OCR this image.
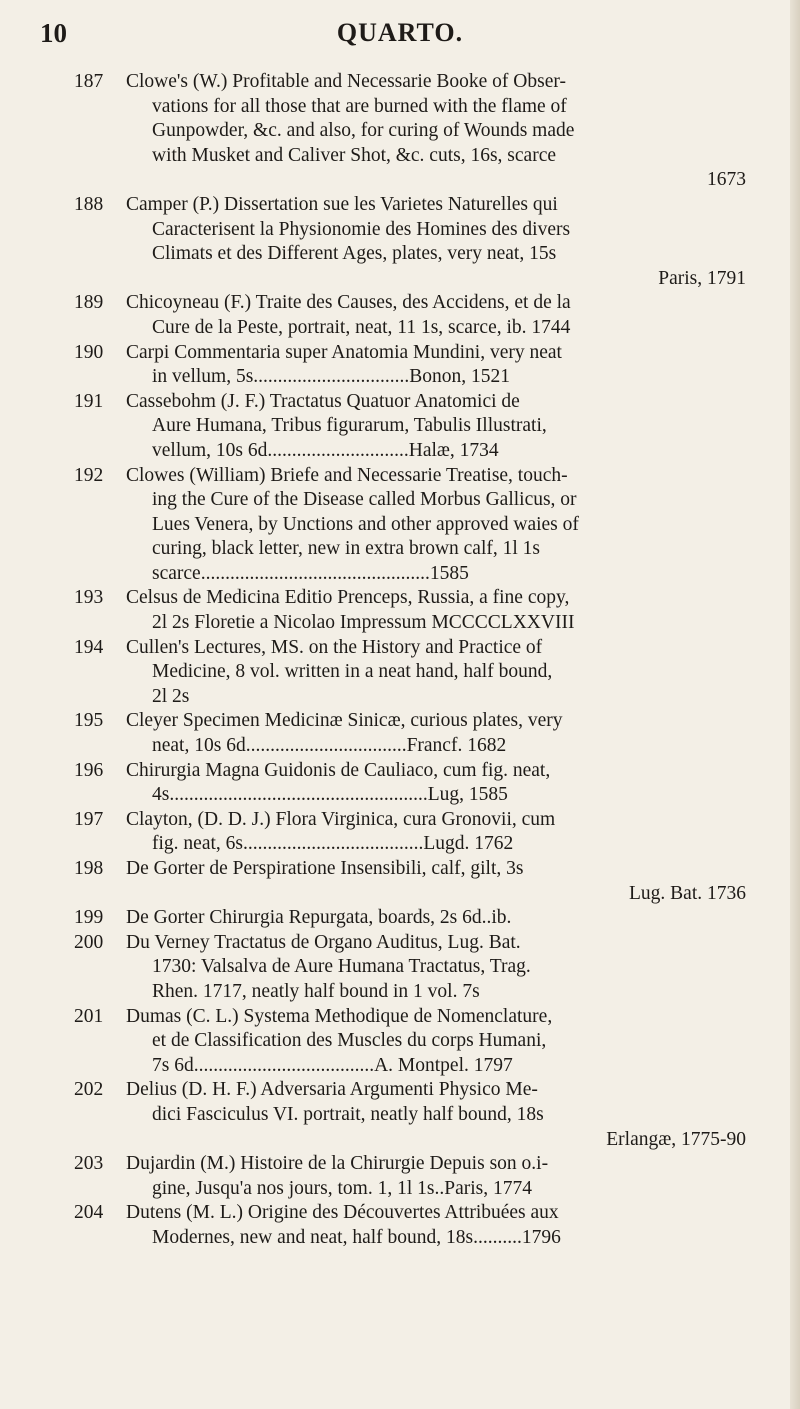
10	QUARTO.
187	Clowe's (W.) Profitable and Necessarie Booke of Obser-
vations for all those that are burned with the flame of
Gunpowder, &c. and also, for curing of Wounds made
with Musket and Caliver Shot, &c. cuts, 16s, scarce
1673
188	Camper (P.) Dissertation sue les Varietes Naturelles qui
Caracterisent la Physionomie des Homines des divers
Climats et des Different Ages, plates, very neat, 15s
Paris, 1791
189	Chicoyneau (F.) Traite des Causes, des Accidens, et de la
Cure de la Peste, portrait, neat, 11 1s, scarce, ib. 1744
190	Carpi Commentaria super Anatomia Mundini, very neat
in vellum, 5s................................Bonon, 1521
191	Cassebohm (J. F.) Tractatus Quatuor Anatomici de
Aure Humana, Tribus figurarum, Tabulis Illustrati,
vellum, 10s 6d.............................Halæ, 1734
192	Clowes (William) Briefe and Necessarie Treatise, touch-
ing the Cure of the Disease called Morbus Gallicus, or
Lues Venera, by Unctions and other approved waies of
curing, black letter, new in extra brown calf, 1l 1s
scarce...............................................1585
193	Celsus de Medicina Editio Prenceps, Russia, a fine copy,
2l 2s Floretie a Nicolao Impressum MCCCCLXXVIII
194	Cullen's Lectures, MS. on the History and Practice of
Medicine, 8 vol. written in a neat hand, half bound,
2l 2s
195	Cleyer Specimen Medicinæ Sinicæ, curious plates, very
neat, 10s 6d.................................Francf. 1682
196	Chirurgia Magna Guidonis de Cauliaco, cum fig. neat,
4s.....................................................Lug, 1585
197	Clayton, (D. D. J.) Flora Virginica, cura Gronovii, cum
fig. neat, 6s.....................................Lugd. 1762
198	De Gorter de Perspiratione Insensibili, calf, gilt, 3s
Lug. Bat. 1736
199	De Gorter Chirurgia Repurgata, boards, 2s 6d..ib.
200	Du Verney Tractatus de Organo Auditus, Lug. Bat.
1730: Valsalva de Aure Humana Tractatus, Trag.
Rhen. 1717, neatly half bound in 1 vol. 7s
201	Dumas (C. L.) Systema Methodique de Nomenclature,
et de Classification des Muscles du corps Humani,
7s 6d.....................................A. Montpel. 1797
202	Delius (D. H. F.) Adversaria Argumenti Physico Me-
dici Fasciculus VI. portrait, neatly half bound, 18s
Erlangæ, 1775-90
203	Dujardin (M.) Histoire de la Chirurgie Depuis son o.i-
gine, Jusqu'a nos jours, tom. 1, 1l 1s..Paris, 1774
204	Dutens (M. L.) Origine des Découvertes Attribuées aux
Modernes, new and neat, half bound, 18s..........1796
